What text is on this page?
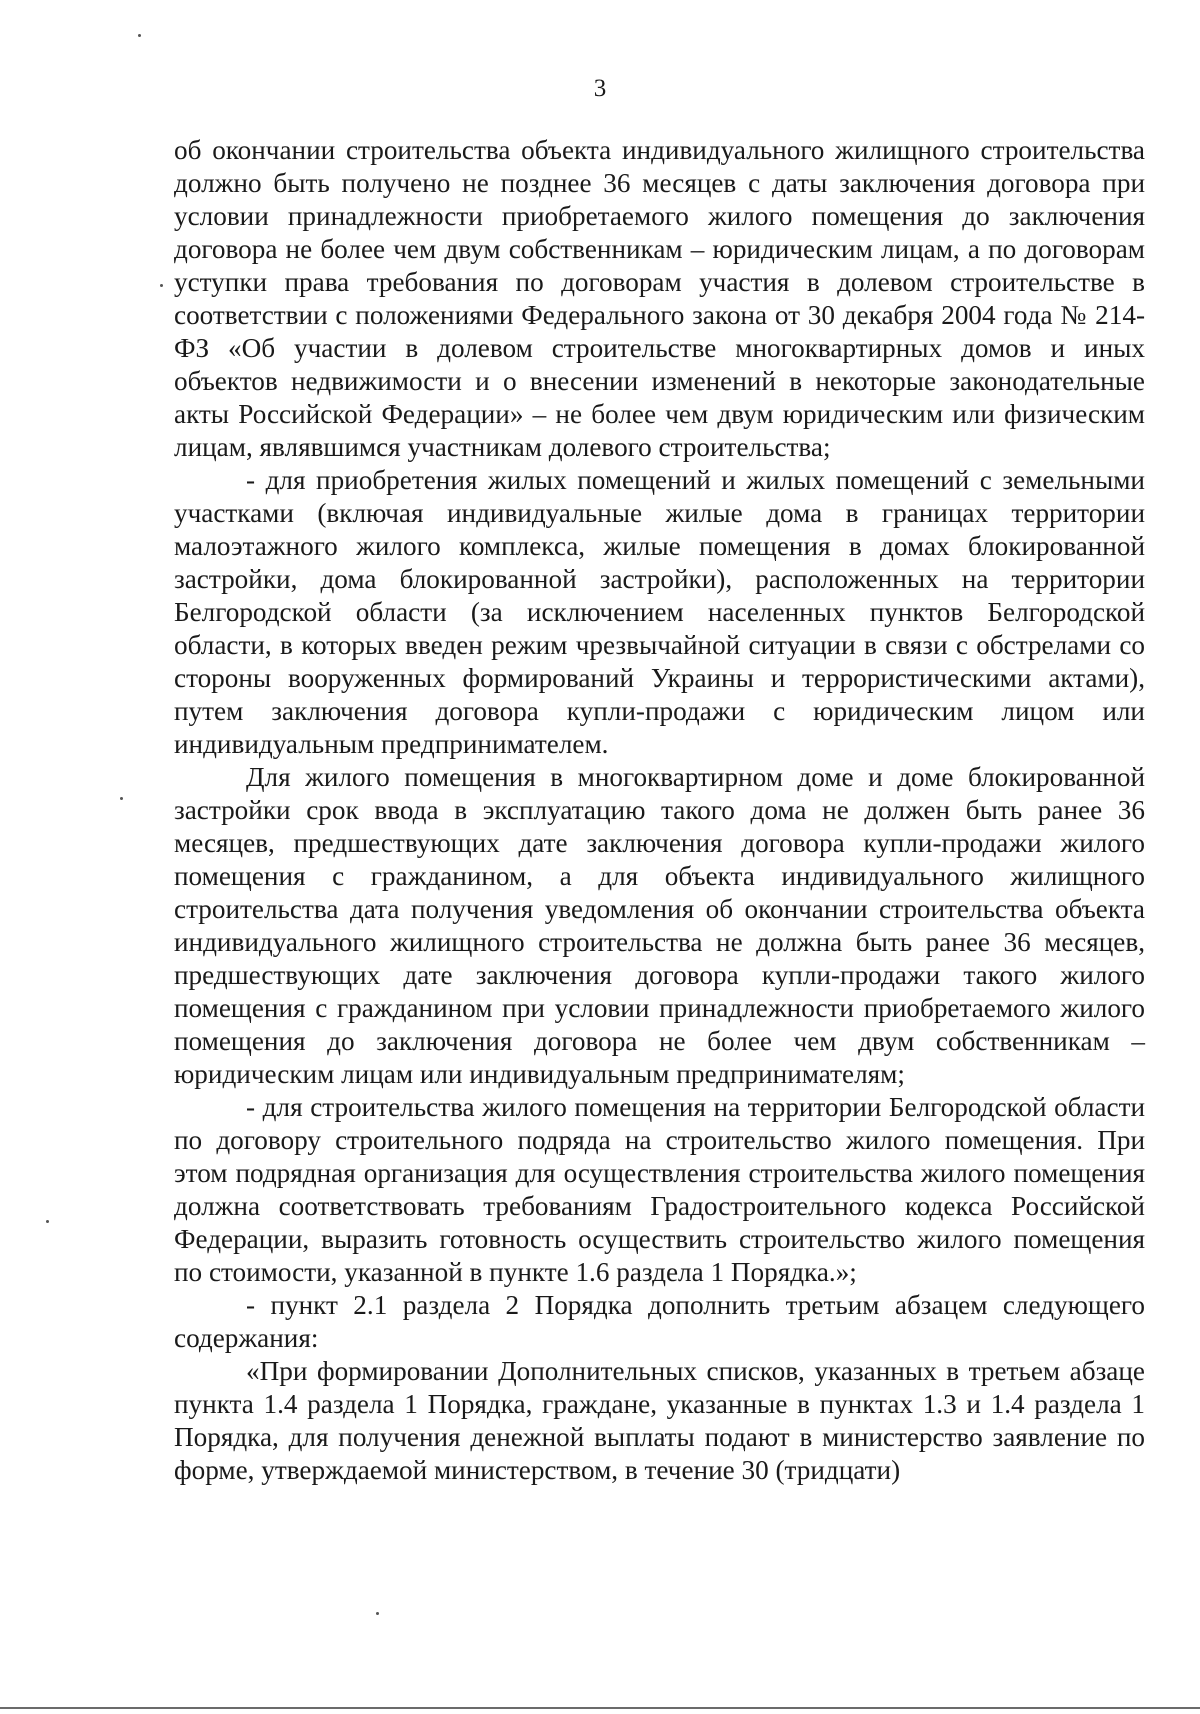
3

об окончании строительства объекта индивидуального жилищного строительства должно быть получено не позднее 36 месяцев с даты заключения договора при условии принадлежности приобретаемого жилого помещения до заключения договора не более чем двум собственникам – юридическим лицам, а по договорам уступки права требования по договорам участия в долевом строительстве в соответствии с положениями Федерального закона от 30 декабря 2004 года № 214-ФЗ «Об участии в долевом строительстве многоквартирных домов и иных объектов недвижимости и о внесении изменений в некоторые законодательные акты Российской Федерации» – не более чем двум юридическим или физическим лицам, являвшимся участникам долевого строительства;

- для приобретения жилых помещений и жилых помещений с земельными участками (включая индивидуальные жилые дома в границах территории малоэтажного жилого комплекса, жилые помещения в домах блокированной застройки, дома блокированной застройки), расположенных на территории Белгородской области (за исключением населенных пунктов Белгородской области, в которых введен режим чрезвычайной ситуации в связи с обстрелами со стороны вооруженных формирований Украины и террористическими актами), путем заключения договора купли-продажи с юридическим лицом или индивидуальным предпринимателем.

Для жилого помещения в многоквартирном доме и доме блокированной застройки срок ввода в эксплуатацию такого дома не должен быть ранее 36 месяцев, предшествующих дате заключения договора купли-продажи жилого помещения с гражданином, а для объекта индивидуального жилищного строительства дата получения уведомления об окончании строительства объекта индивидуального жилищного строительства не должна быть ранее 36 месяцев, предшествующих дате заключения договора купли-продажи такого жилого помещения с гражданином при условии принадлежности приобретаемого жилого помещения до заключения договора не более чем двум собственникам – юридическим лицам или индивидуальным предпринимателям;

- для строительства жилого помещения на территории Белгородской области по договору строительного подряда на строительство жилого помещения. При этом подрядная организация для осуществления строительства жилого помещения должна соответствовать требованиям Градостроительного кодекса Российской Федерации, выразить готовность осуществить строительство жилого помещения по стоимости, указанной в пункте 1.6 раздела 1 Порядка.»;

- пункт 2.1 раздела 2 Порядка дополнить третьим абзацем следующего содержания:

«При формировании Дополнительных списков, указанных в третьем абзаце пункта 1.4 раздела 1 Порядка, граждане, указанные в пунктах 1.3 и 1.4 раздела 1 Порядка, для получения денежной выплаты подают в министерство заявление по форме, утверждаемой министерством, в течение 30 (тридцати)
